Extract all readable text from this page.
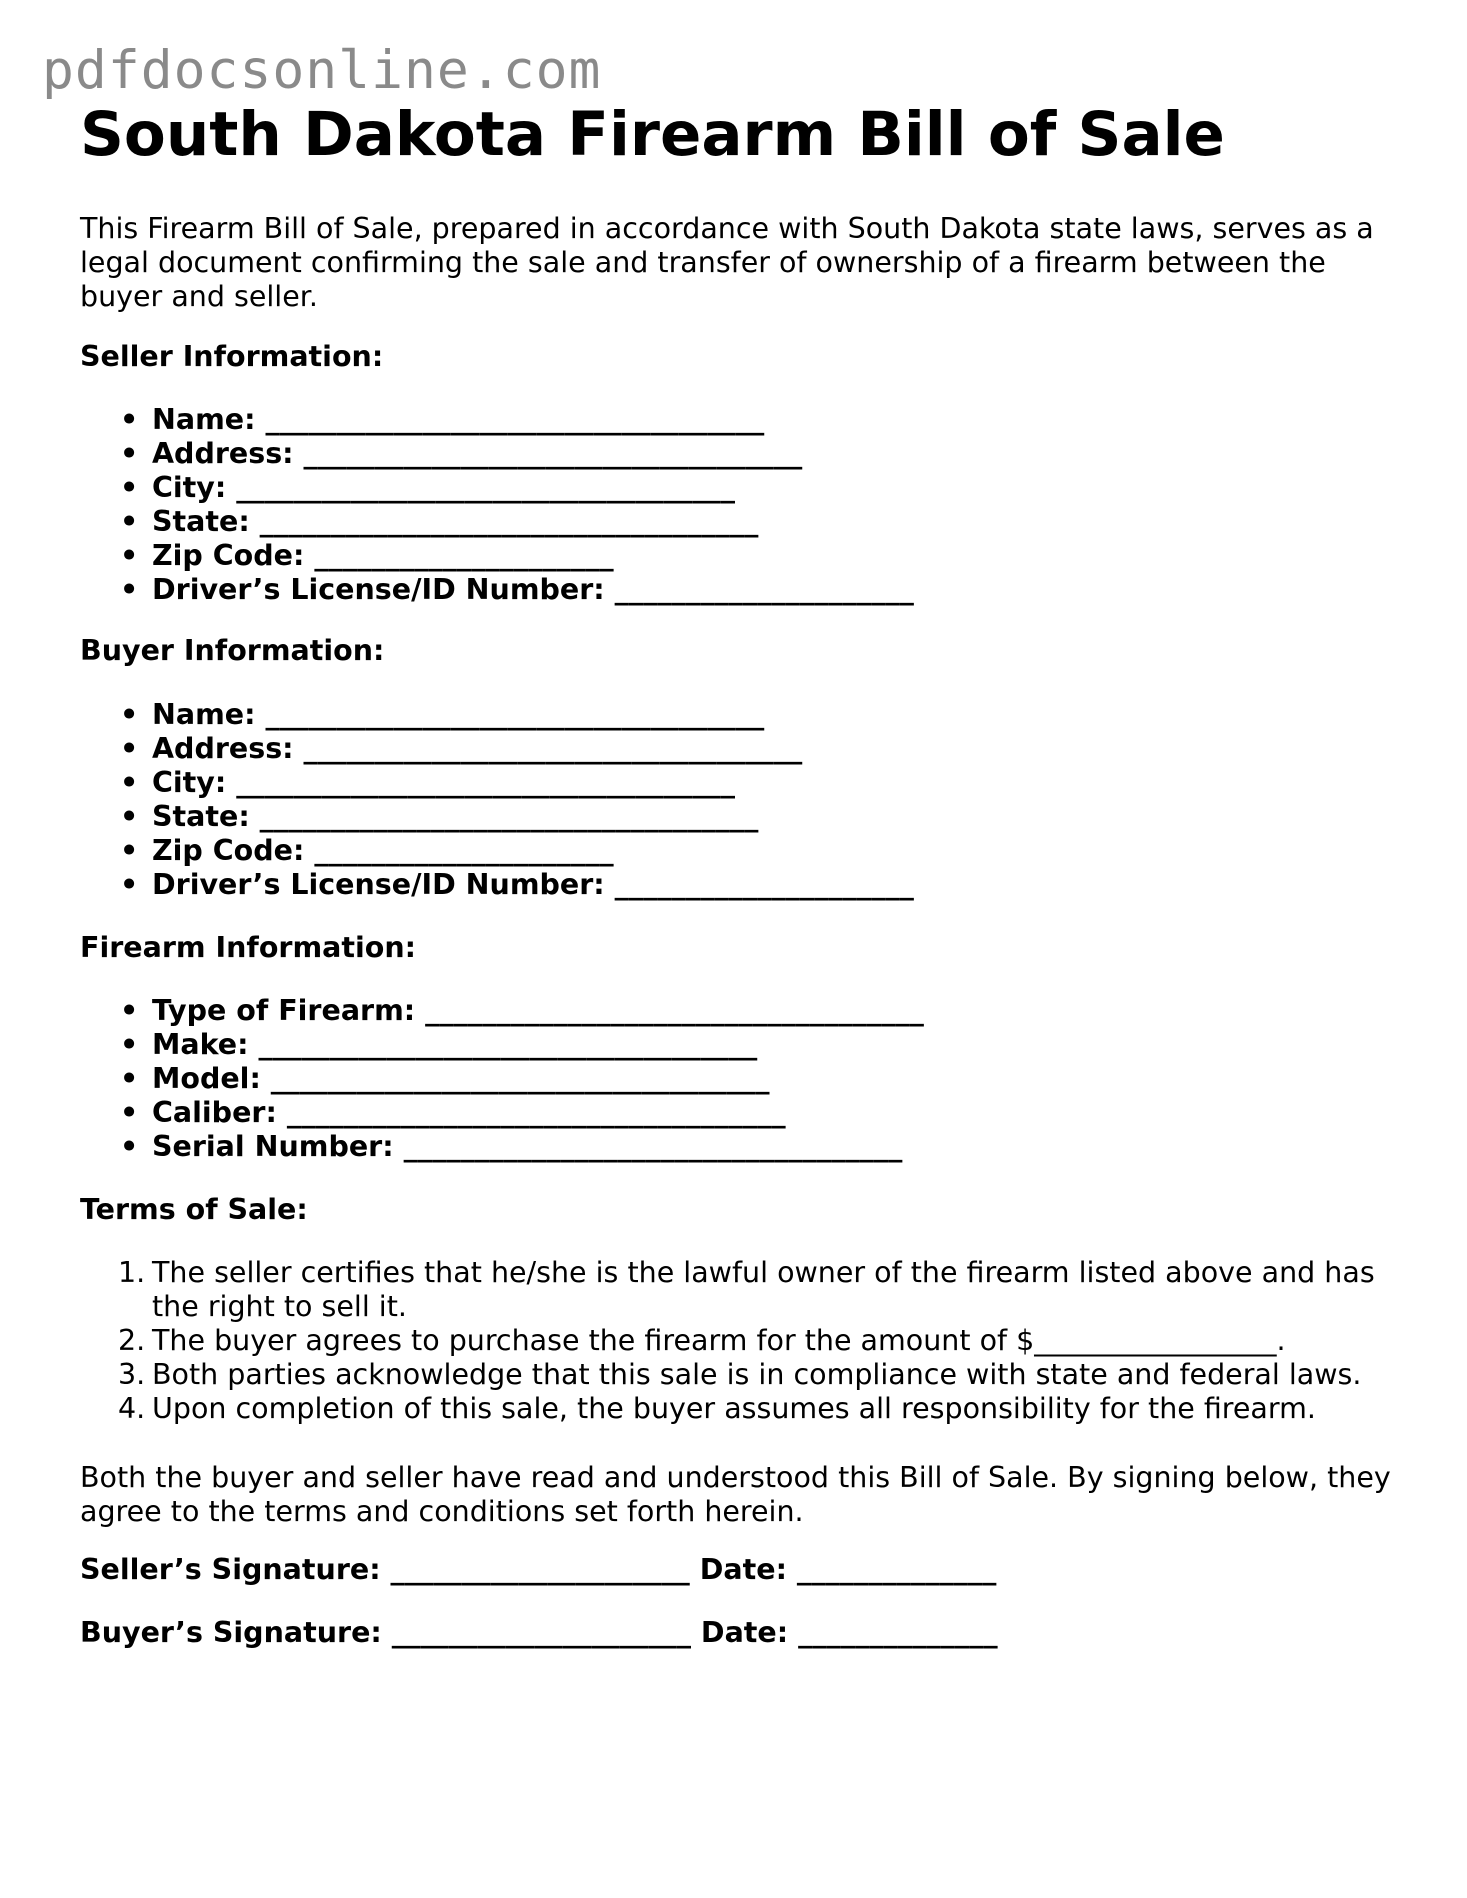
pdfdocsonline.com
South Dakota Firearm Bill of Sale

This Firearm Bill of Sale, prepared in accordance with South Dakota state laws, serves as a legal document confirming the sale and transfer of ownership of a firearm between the buyer and seller.

Seller Information:
• Name: ___________________________________
• Address: ___________________________________
• City: ___________________________________
• State: ___________________________________
• Zip Code: _____________________
• Driver’s License/ID Number: _____________________
Buyer Information:
• Name: ___________________________________
• Address: ___________________________________
• City: ___________________________________
• State: ___________________________________
• Zip Code: _____________________
• Driver’s License/ID Number: _____________________
Firearm Information:
• Type of Firearm: ___________________________________
• Make: ___________________________________
• Model: ___________________________________
• Caliber: ___________________________________
• Serial Number: ___________________________________
Terms of Sale:
1. The seller certifies that he/she is the lawful owner of the firearm listed above and has the right to sell it.
2. The buyer agrees to purchase the firearm for the amount of $_________________.
3. Both parties acknowledge that this sale is in compliance with state and federal laws.
4. Upon completion of this sale, the buyer assumes all responsibility for the firearm.

Both the buyer and seller have read and understood this Bill of Sale. By signing below, they agree to the terms and conditions set forth herein.

Seller’s Signature: _____________________ Date: ______________
Buyer’s Signature: _____________________ Date: ______________
